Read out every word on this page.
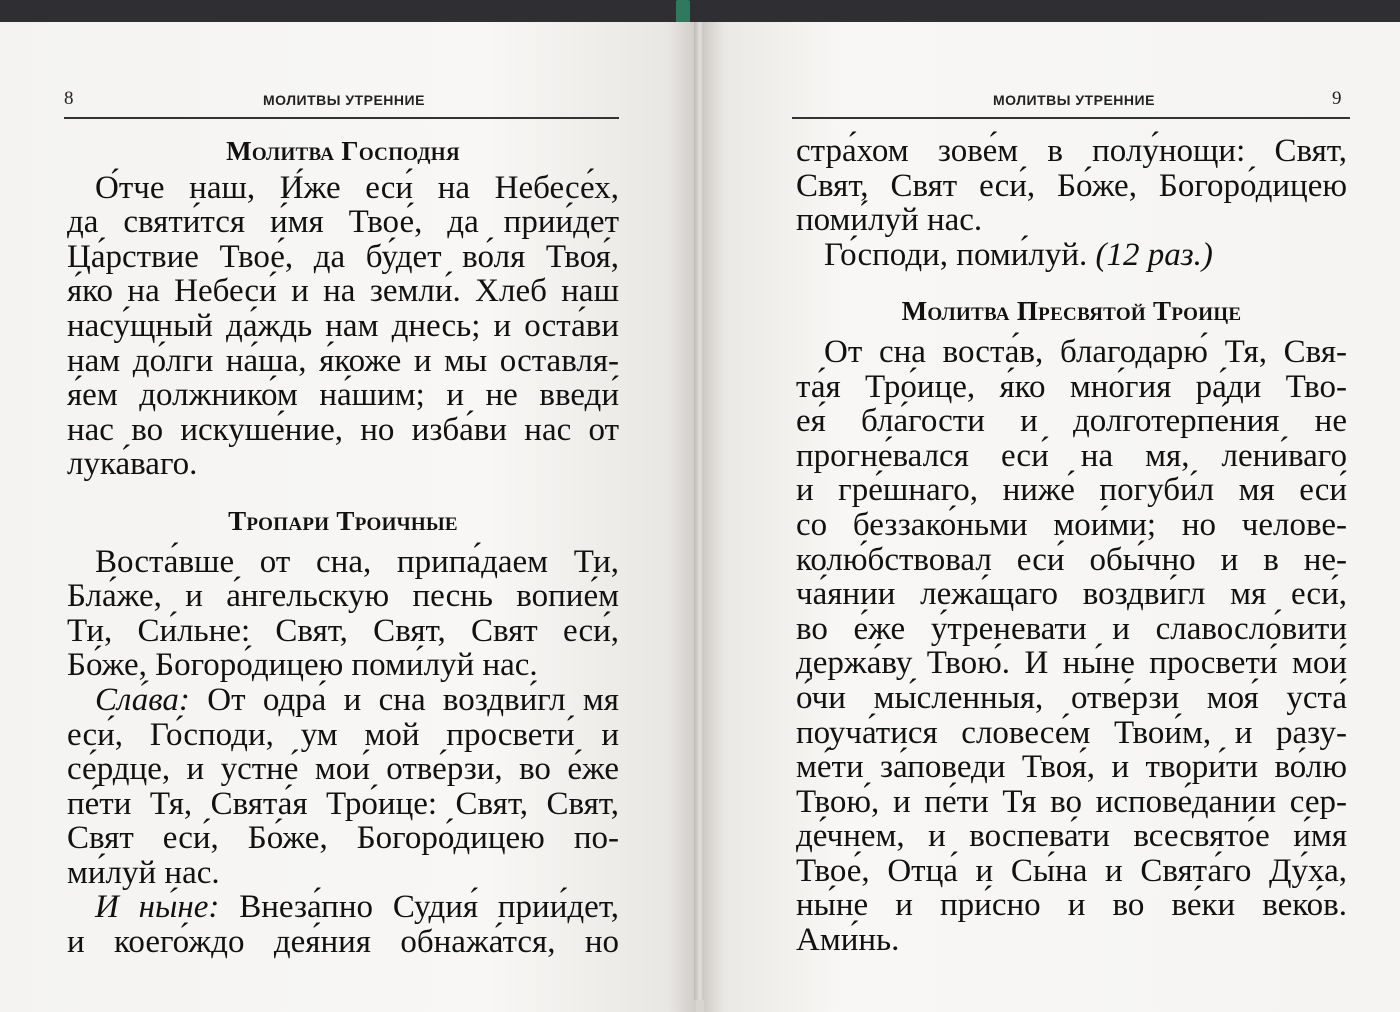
8	МОЛИТВЫ УТРЕННИЕ
Молитва Господня
О́тче наш, И́же еси́ на Небесе́х,
да святи́тся и́мя Твое́, да прии́дет
Ца́рствие Твое́, да бу́дет во́ля Твоя́,
я́ко на Небеси́ и на земли́. Хлеб наш
насу́щный да́ждь нам днесь; и оста́ви
нам до́лги на́ша, я́коже и мы оставля-
я́ем должнико́м на́шим; и не введи́
нас во искуше́ние, но изба́ви нас от
лука́ваго.
Тропари Троичные
Воста́вше от сна, припа́даем Ти,
Бла́же, и а́нгельскую песнь вопие́м
Ти, Си́льне: Свят, Свят, Свят еси́,
Бо́же, Богоро́дицею поми́луй нас.
Сла́ва: От одра́ и сна воздви́гл мя
еси́, Го́споди, ум мой просвети́ и
се́рдце, и устне́ мои́ отве́рзи, во е́же
пе́ти Тя, Свята́я Тро́ице: Свят, Свят,
Свят еси́, Бо́же, Богоро́дицею по-
ми́луй нас.
И ны́не: Внеза́пно Судия́ прии́дет,
и коего́ждо дея́ния обнажа́тся, но
МОЛИТВЫ УТРЕННИЕ	9
стра́хом зове́м в полу́нощи: Свят,
Свят, Свят еси́, Бо́же, Богоро́дицею
поми́луй нас.
Го́споди, поми́луй. (12 раз.)
Молитва Пресвятой Троице
От сна воста́в, благодарю́ Тя, Свя-
та́я Тро́ице, я́ко мно́гия ра́ди Тво-
ея́ бла́гости и долготерпе́ния не
прогне́вался еси́ на мя, лени́ваго
и гре́шнаго, ниже́ погуби́л мя еси́
со беззако́ньми мои́ми; но челове-
колю́бствовал еси́ обы́чно и в не-
ча́янии лежа́щаго воздви́гл мя еси́,
во е́же у́треневати и славосло́вити
держа́ву Твою́. И ны́не просвети́ мои́
о́чи мы́сленныя, отве́рзи моя́ уста́
поуча́тися словесе́м Твои́м, и разу-
ме́ти за́поведи Твоя́, и твори́ти во́лю
Твою́, и пе́ти Тя во испове́дании сер-
де́чнем, и воспева́ти всесвято́е и́мя
Твое́, Отца́ и Сы́на и Свята́го Ду́ха,
ны́не и при́сно и во ве́ки веко́в.
Ами́нь.
